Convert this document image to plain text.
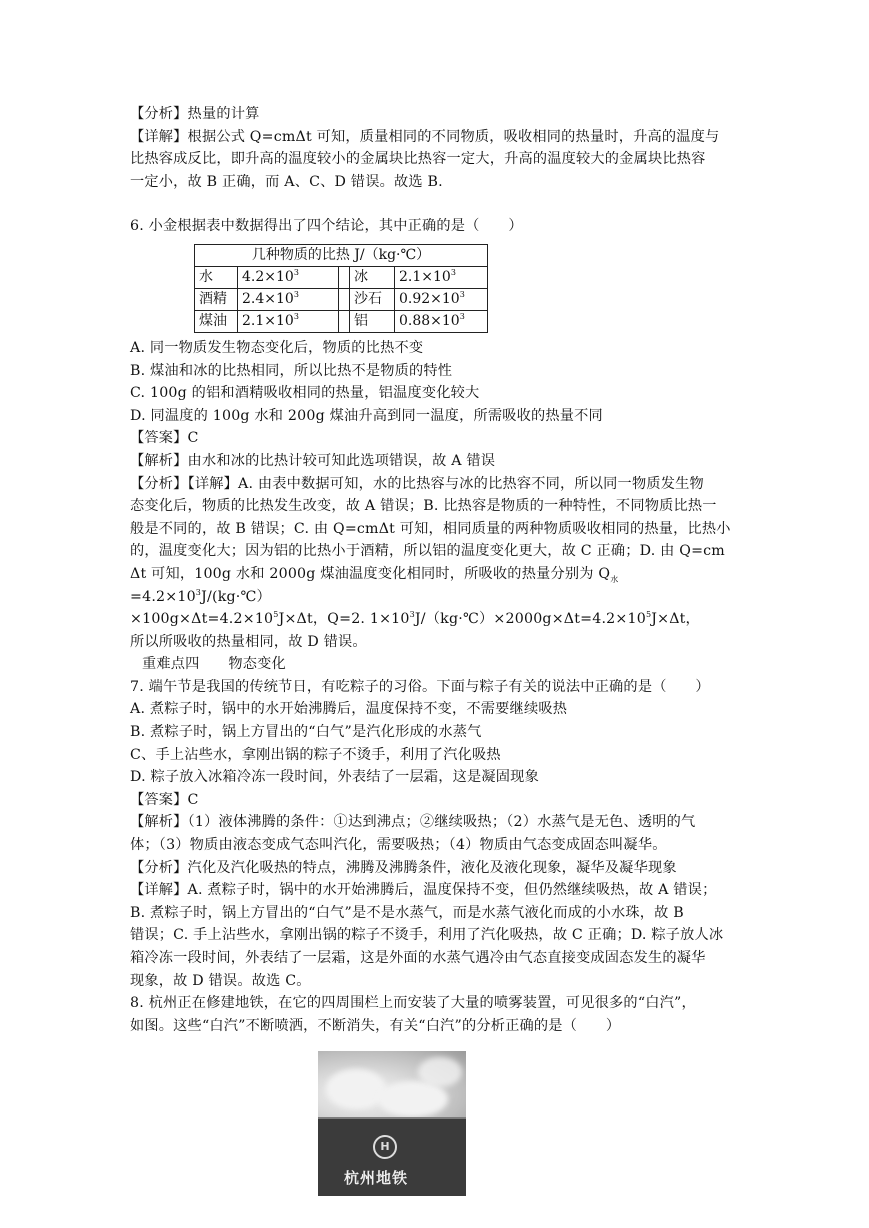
【分析】热量的计算

【详解】根据公式 Q=cmΔt 可知，质量相同的不同物质，吸收相同的热量时，升高的温度与

比热容成反比，即升高的温度较小的金属块比热容一定大，升高的温度较大的金属块比热容

一定小，故 B 正确，而 A、C、D 错误。故选 B.

6. 小金根据表中数据得出了四个结论，其中正确的是（　　）

几种物质的比热 J/（kg·℃）				
水	$4.2\times 10^3$		冰	$2.1\times 10^3$
酒精	$2.4\times 10^3$		沙石	$0.92\times 10^3$
煤油	$2.1\times 10^3$		铝	$0.88\times 10^3$

A. 同一物质发生物态变化后，物质的比热不变

B. 煤油和冰的比热相同，所以比热不是物质的特性

C. 100g 的铝和酒精吸收相同的热量，铝温度变化较大

D. 同温度的 100g 水和 200g 煤油升高到同一温度，所需吸收的热量不同

【答案】C

【解析】由水和冰的比热计较可知此选项错误，故 A 错误

【分析】【详解】A. 由表中数据可知，水的比热容与冰的比热容不同，所以同一物质发生物

态变化后，物质的比热发生改变，故 A 错误；B. 比热容是物质的一种特性，不同物质比热一

般是不同的，故 B 错误；C. 由 Q=cmΔt 可知，相同质量的两种物质吸收相同的热量，比热小

的，温度变化大；因为铝的比热小于酒精，所以铝的温度变化更大，故 C 正确；D. 由 Q=cm

Δt 可知，100g 水和 2000g 煤油温度变化相同时，所吸收的热量分别为 $Q_水=4.2\times 10^3J/(kg\cdot℃)$

$\times 100g\times\Delta t=4.2\times 10^5J\times\Delta t$，Q=2. $1\times 10^3J/(kg\cdot℃)\times 2000g\times\Delta t=4.2\times 10^5J\times\Delta t$，

所以所吸收的热量相同，故 D 错误。

重难点四　　物态变化

7. 端午节是我国的传统节日，有吃粽子的习俗。下面与粽子有关的说法中正确的是（　　）

A. 煮粽子时，锅中的水开始沸腾后，温度保持不变，不需要继续吸热

B. 煮粽子时，锅上方冒出的“白气”是汽化形成的水蒸气

C、手上沾些水，拿刚出锅的粽子不烫手，利用了汽化吸热

D. 粽子放入冰箱冷冻一段时间，外表结了一层霜，这是凝固现象

【答案】C

【解析】（1）液体沸腾的条件：①达到沸点；②继续吸热；（2）水蒸气是无色、透明的气

体；（3）物质由液态变成气态叫汽化，需要吸热；（4）物质由气态变成固态叫凝华。

【分析】汽化及汽化吸热的特点，沸腾及沸腾条件，液化及液化现象，凝华及凝华现象

【详解】A. 煮粽子时，锅中的水开始沸腾后，温度保持不变，但仍然继续吸热，故 A 错误；

B. 煮粽子时，锅上方冒出的“白气”是不是水蒸气，而是水蒸气液化而成的小水珠，故 B

错误；C. 手上沾些水，拿刚出锅的粽子不烫手，利用了汽化吸热，故 C 正确；D. 粽子放人冰

箱冷冻一段时间，外表结了一层霜，这是外面的水蒸气遇冷由气态直接变成固态发生的凝华

现象，故 D 错误。故选 C。

8. 杭州正在修建地铁，在它的四周围栏上而安装了大量的喷雾装置，可见很多的“白汽”，

如图。这些“白汽”不断喷洒，不断消失，有关“白汽”的分析正确的是（　　）

H
杭州地铁
